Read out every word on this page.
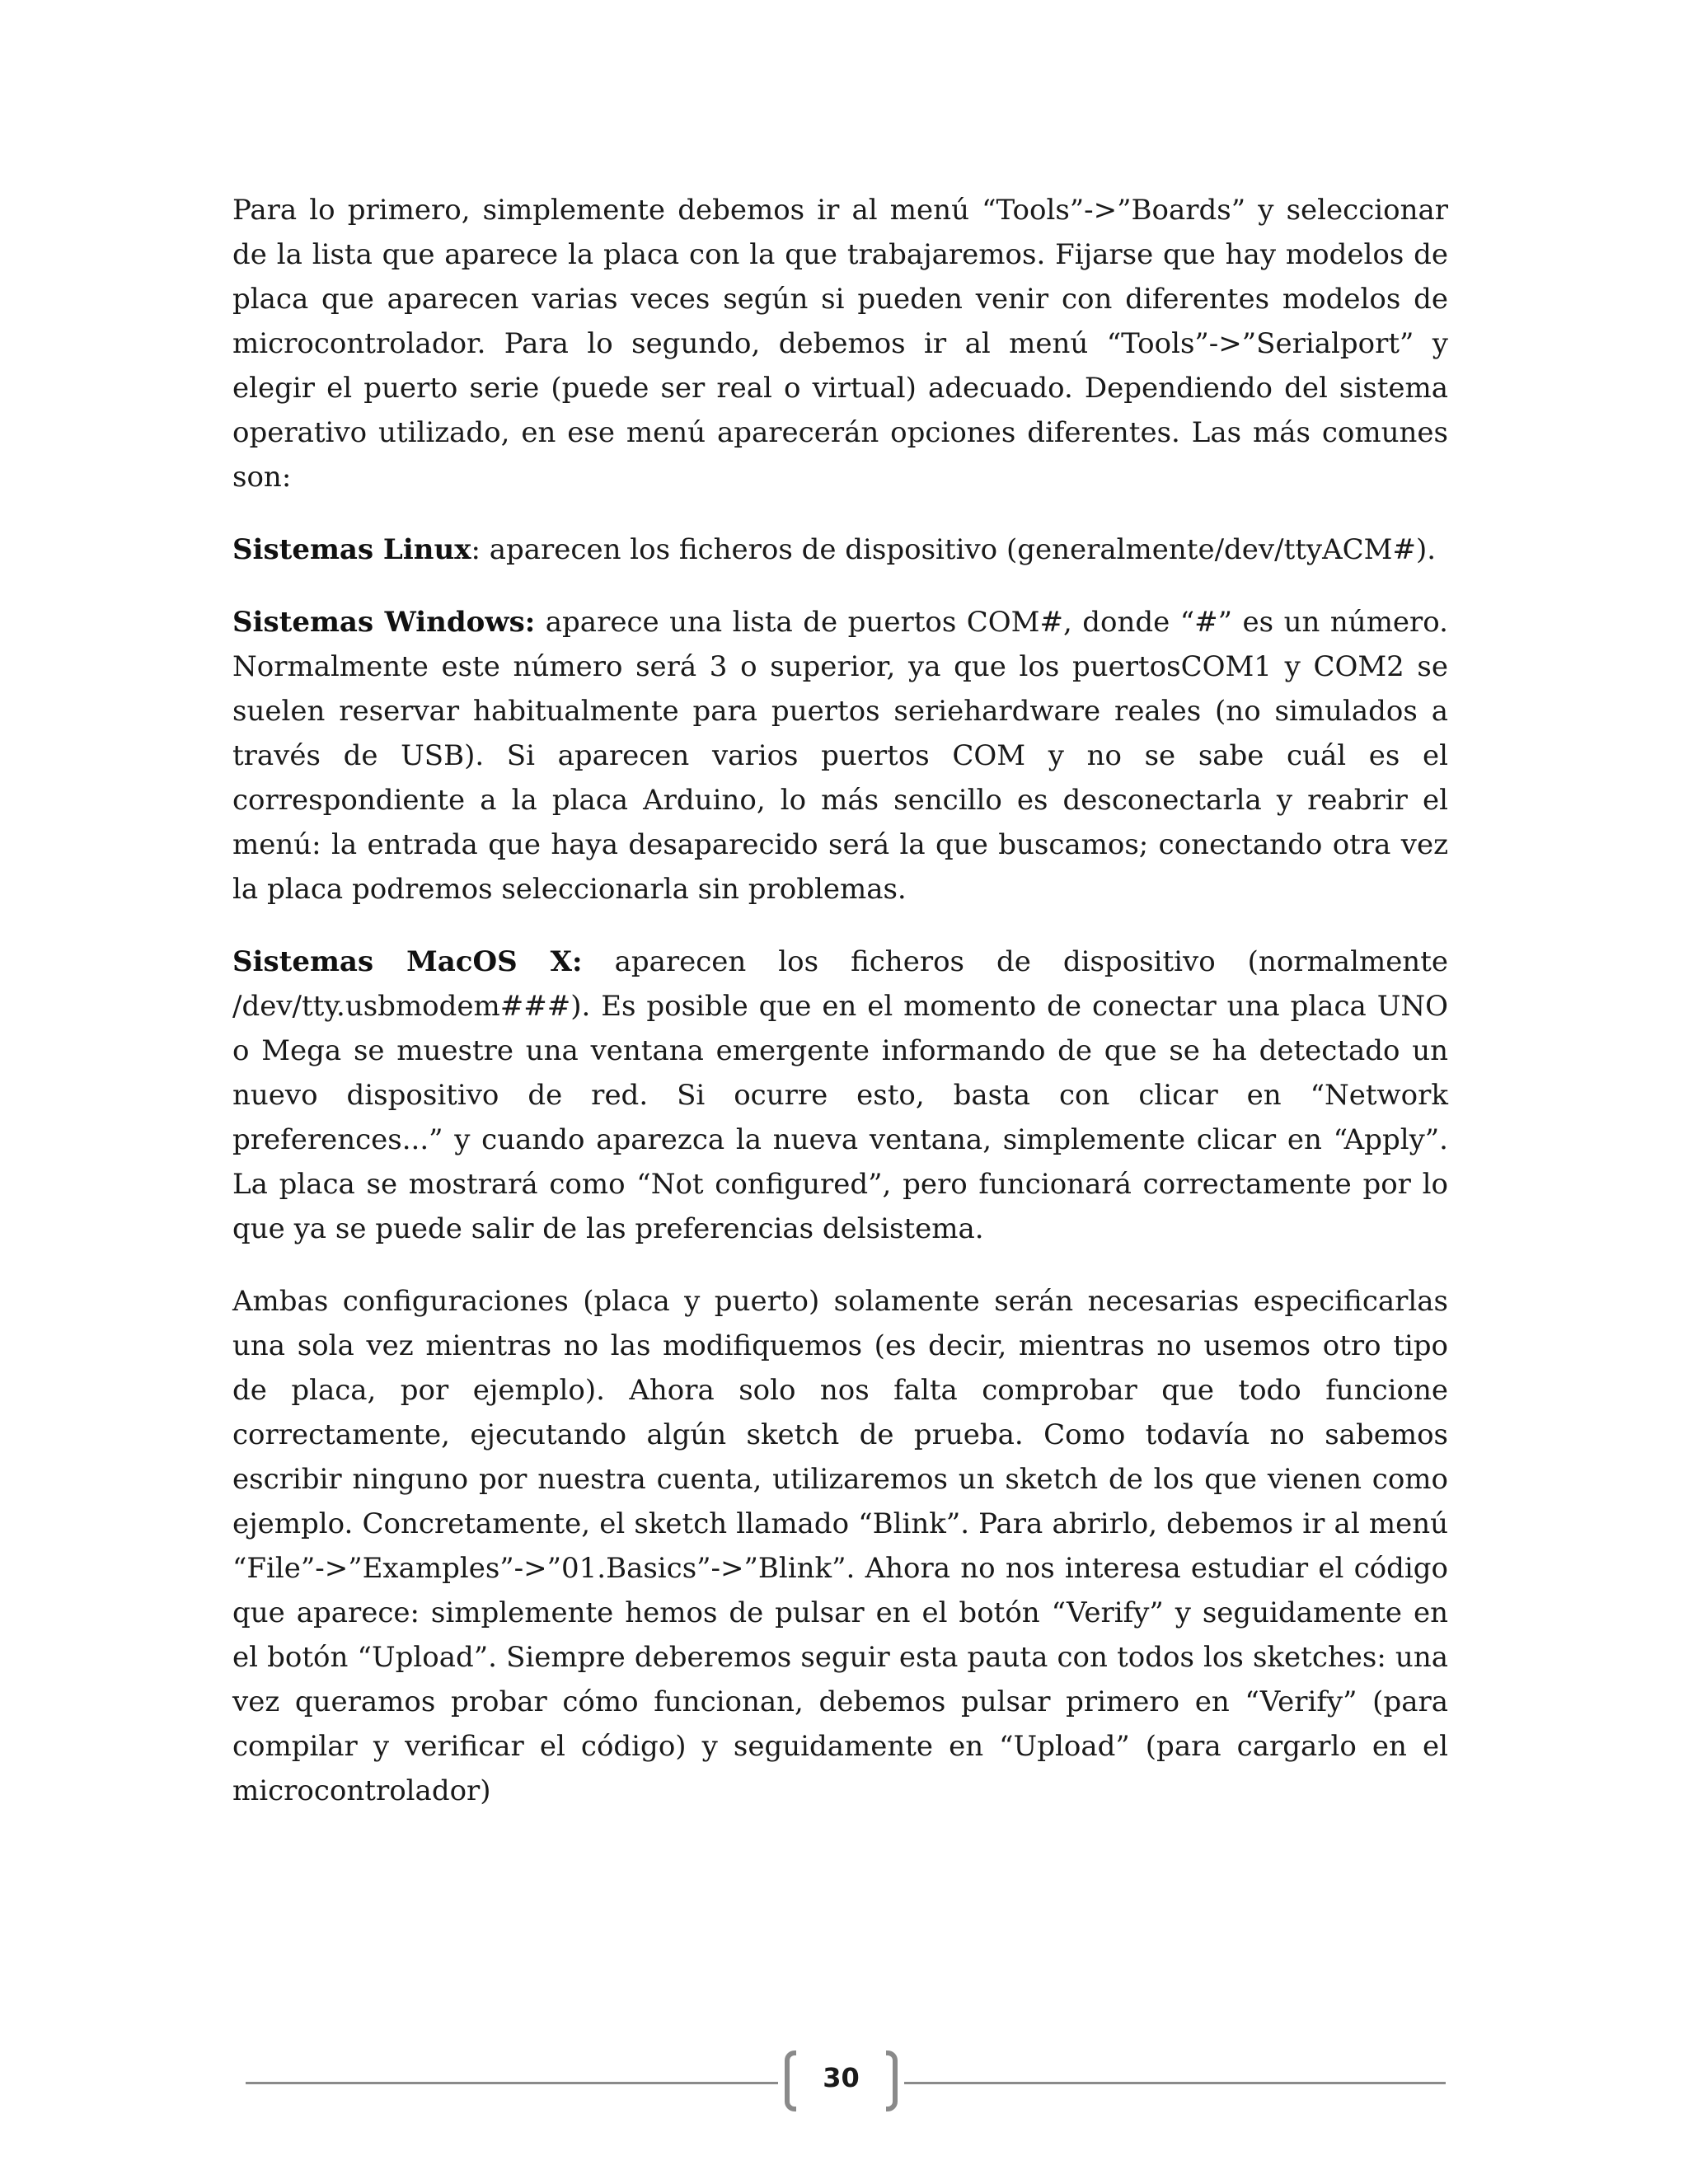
Para lo primero, simplemente debemos ir al menú “Tools”->”Boards” y seleccionar de la lista que aparece la placa con la que trabajaremos. Fijarse que hay modelos de placa que aparecen varias veces según si pueden venir con diferentes modelos de microcontrolador. Para lo segundo, debemos ir al menú “Tools”->”Serialport” y elegir el puerto serie (puede ser real o virtual) adecuado. Dependiendo del sistema operativo utilizado, en ese menú aparecerán opciones diferentes. Las más comunes son:

Sistemas Linux: aparecen los ficheros de dispositivo (generalmente/dev/ttyACM#).

Sistemas Windows: aparece una lista de puertos COM#, donde “#” es un número. Normalmente este número será 3 o superior, ya que los puertosCOM1 y COM2 se suelen reservar habitualmente para puertos seriehardware reales (no simulados a través de USB). Si aparecen varios puertos COM y no se sabe cuál es el correspondiente a la placa Arduino, lo más sencillo es desconectarla y reabrir el menú: la entrada que haya desaparecido será la que buscamos; conectando otra vez la placa podremos seleccionarla sin problemas.

Sistemas MacOS X: aparecen los ficheros de dispositivo (normalmente /dev/tty.usbmodem###). Es posible que en el momento de conectar una placa UNO o Mega se muestre una ventana emergente informando de que se ha detectado un nuevo dispositivo de red. Si ocurre esto, basta con clicar en “Network preferences...” y cuando aparezca la nueva ventana, simplemente clicar en “Apply”. La placa se mostrará como “Not configured”, pero funcionará correctamente por lo que ya se puede salir de las preferencias delsistema.

Ambas configuraciones (placa y puerto) solamente serán necesarias especificarlas una sola vez mientras no las modifiquemos (es decir, mientras no usemos otro tipo de placa, por ejemplo). Ahora solo nos falta comprobar que todo funcione correctamente, ejecutando algún sketch de prueba. Como todavía no sabemos escribir ninguno por nuestra cuenta, utilizaremos un sketch de los que vienen como ejemplo. Concretamente, el sketch llamado “Blink”. Para abrirlo, debemos ir al menú “File”->”Examples”->”01.Basics”->”Blink”. Ahora no nos interesa estudiar el código que aparece: simplemente hemos de pulsar en el botón “Verify” y seguidamente en el botón “Upload”. Siempre deberemos seguir esta pauta con todos los sketches: una vez queramos probar cómo funcionan, debemos pulsar primero en “Verify” (para compilar y verificar el código) y seguidamente en “Upload” (para cargarlo en el microcontrolador)

30
